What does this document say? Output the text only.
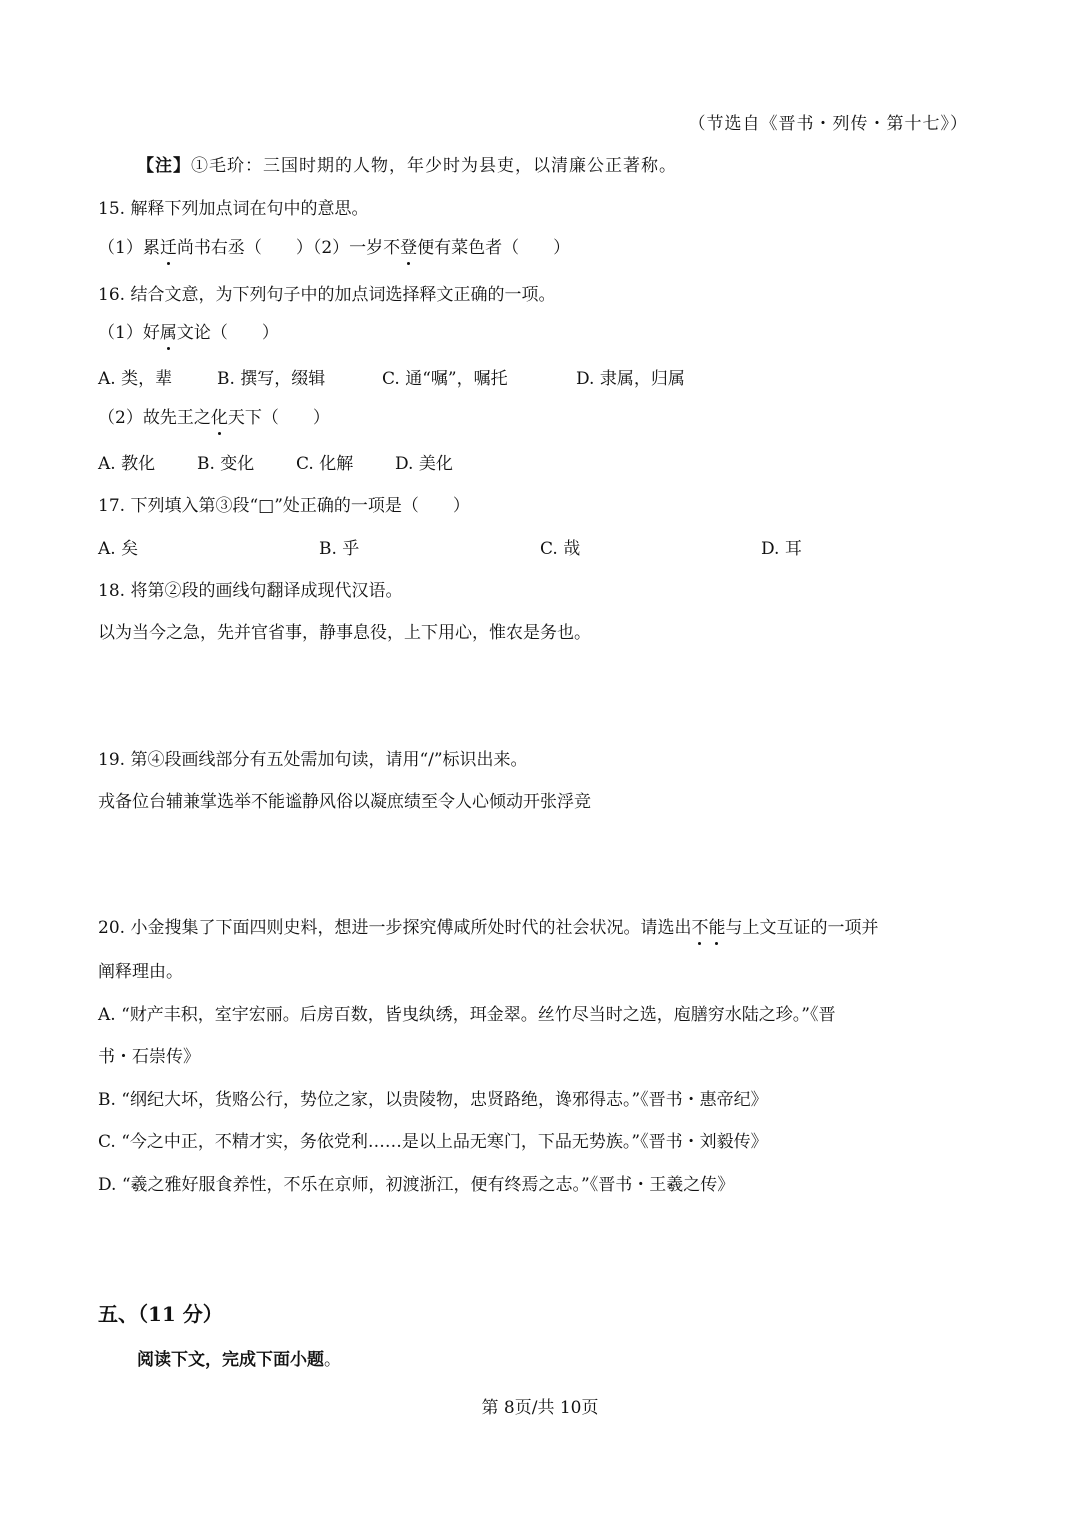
（节选自《晋书・列传・第十七》）
【注】①毛玠：三国时期的人物，年少时为县吏，以清廉公正著称。
15. 解释下列加点词在句中的意思。
（1）累迁尚书右丞（　　）（2）一岁不登便有菜色者（　　）
16. 结合文意，为下列句子中的加点词选择释文正确的一项。
（1）好属文论（　　）
A. 类，辈	B. 撰写，缀辑	C. 通“嘱”，嘱托	D. 隶属，归属
（2）故先王之化天下（　　）
A. 教化 B. 变化 C. 化解 D. 美化
17. 下列填入第③段“□”处正确的一项是（　　）
A. 矣	B. 乎	C. 哉	D. 耳
18. 将第②段的画线句翻译成现代汉语。
以为当今之急，先并官省事，静事息役，上下用心，惟农是务也。
19. 第④段画线部分有五处需加句读，请用“/”标识出来。
戎备位台辅兼掌选举不能谧静风俗以凝庶绩至令人心倾动开张浮竞
20. 小金搜集了下面四则史料，想进一步探究傅咸所处时代的社会状况。请选出不能与上文互证的一项并
阐释理由。
A. “财产丰积，室宇宏丽。后房百数，皆曳纨绣，珥金翠。丝竹尽当时之选，庖膳穷水陆之珍。”《晋
书・石崇传》
B. “纲纪大坏，货赂公行，势位之家，以贵陵物，忠贤路绝，谗邪得志。”《晋书・惠帝纪》
C. “今之中正，不精才实，务依党利……是以上品无寒门，下品无势族。”《晋书・刘毅传》
D. “羲之雅好服食养性，不乐在京师，初渡浙江，便有终焉之志。”《晋书・王羲之传》
五、（11 分）
阅读下文，完成下面小题。
第 8页/共 10页
